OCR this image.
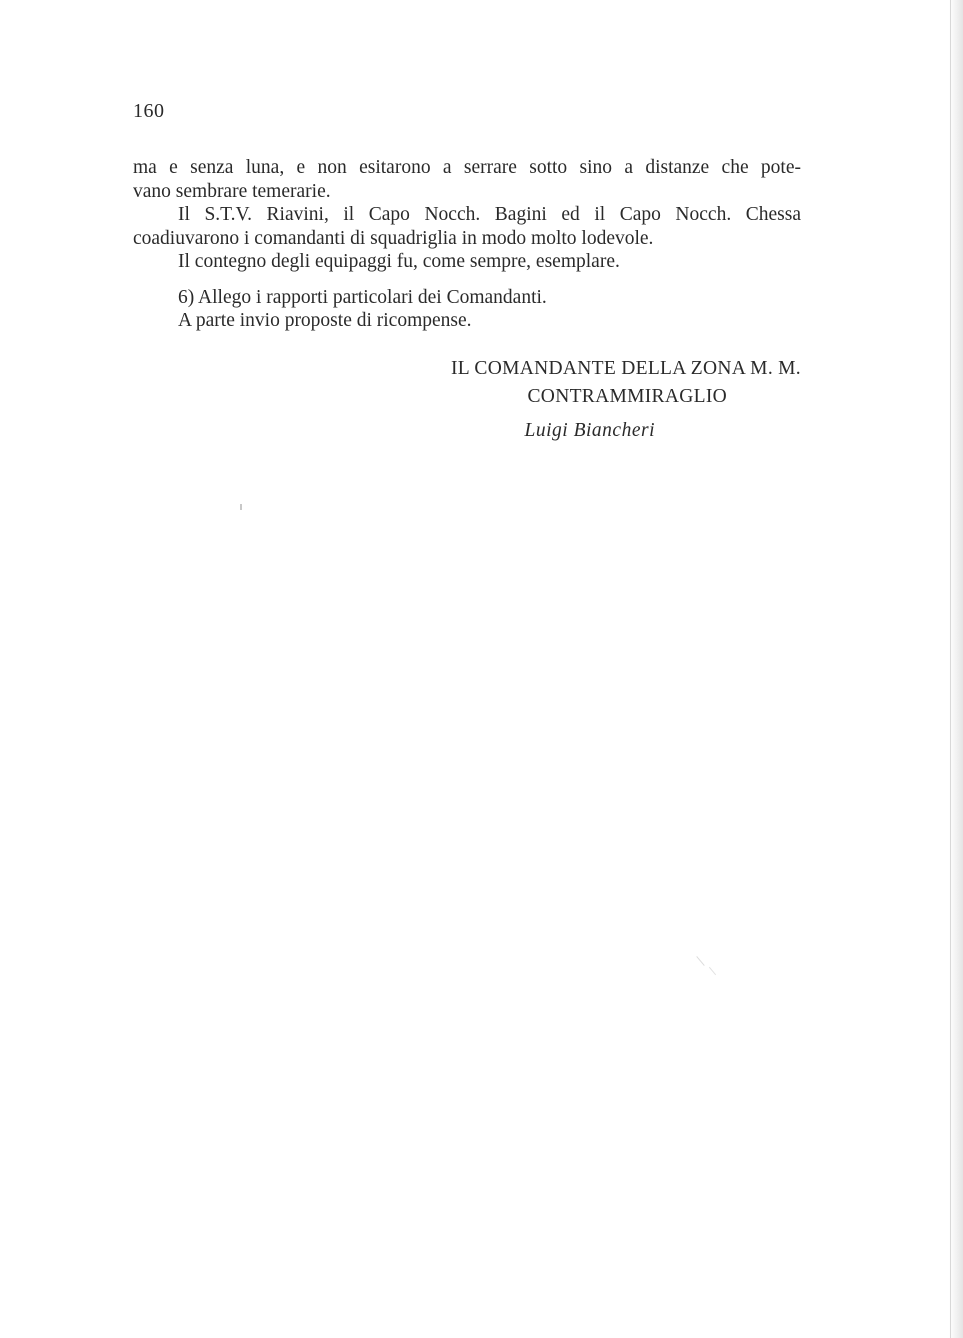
160
ma e senza luna, e non esitarono a serrare sotto sino a distanze che pote-
vano sembrare temerarie.
Il S.T.V. Riavini, il Capo Nocch. Bagini ed il Capo Nocch. Chessa
coadiuvarono i comandanti di squadriglia in modo molto lodevole.
Il contegno degli equipaggi fu, come sempre, esemplare.
6) Allego i rapporti particolari dei Comandanti.
A parte invio proposte di ricompense.
IL COMANDANTE DELLA ZONA M. M.
CONTRAMMIRAGLIO
Luigi Biancheri
